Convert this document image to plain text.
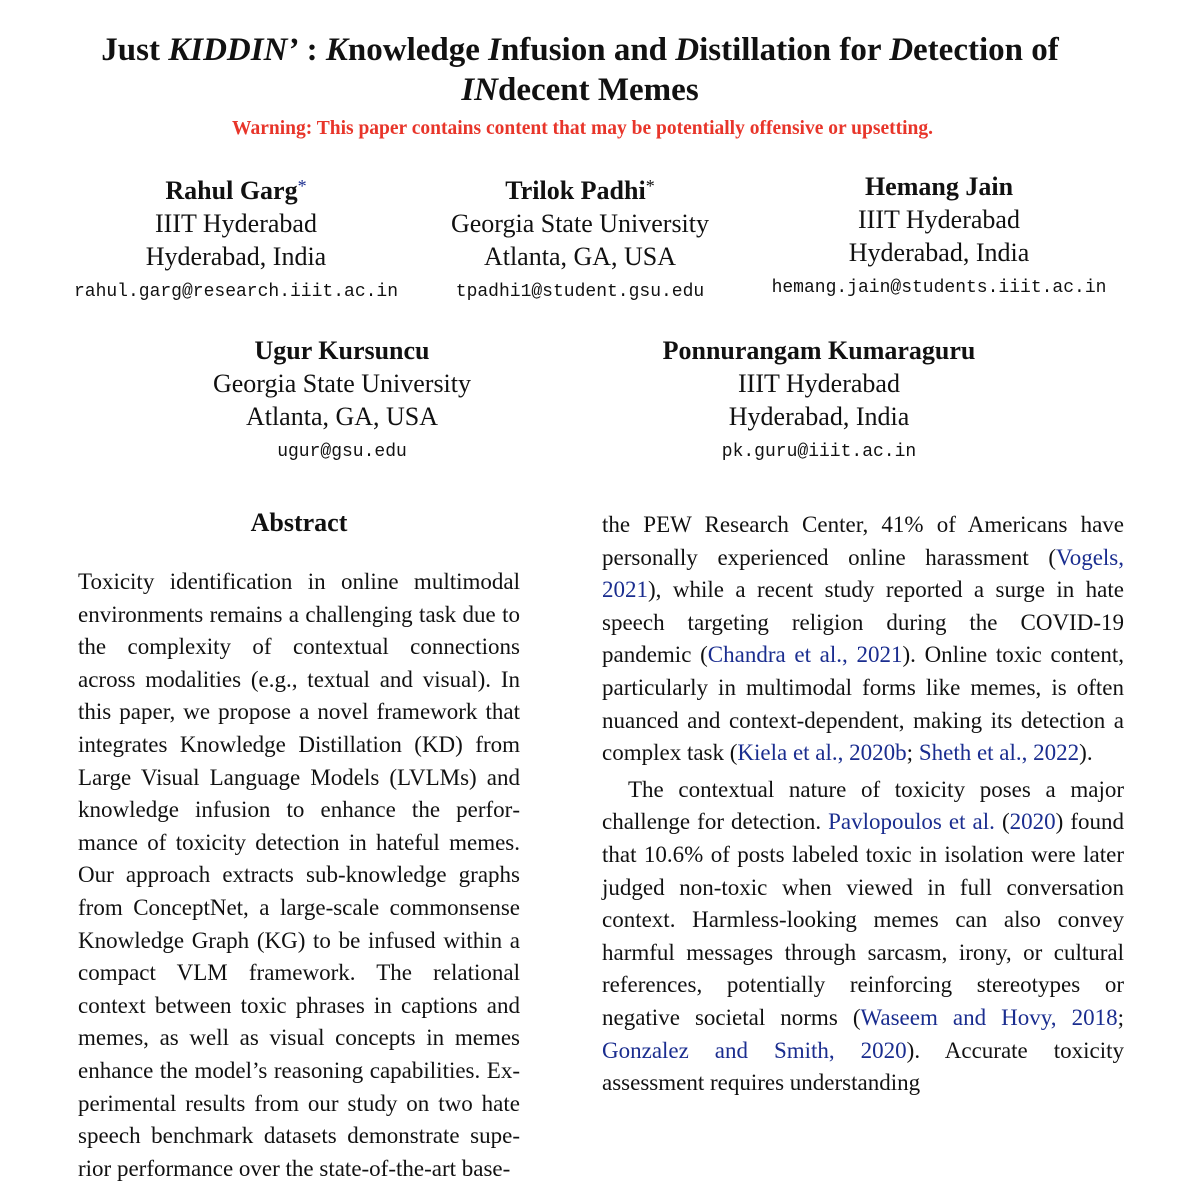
Just KIDDIN’ : Knowledge Infusion and Distillation for Detection of
INdecent Memes
Warning: This paper contains content that may be potentially offensive or upsetting.
Rahul Garg*
IIIT Hyderabad
Hyderabad, India
rahul.garg@research.iiit.ac.in
Trilok Padhi*
Georgia State University
Atlanta, GA, USA
tpadhi1@student.gsu.edu
Hemang Jain
IIIT Hyderabad
Hyderabad, India
hemang.jain@students.iiit.ac.in
Ugur Kursuncu
Georgia State University
Atlanta, GA, USA
ugur@gsu.edu
Ponnurangam Kumaraguru
IIIT Hyderabad
Hyderabad, India
pk.guru@iiit.ac.in
Abstract

Toxicity identification in online multimodal environments remains a challenging task due to the complexity of contextual connections across modalities (e.g., textual and visual). In this paper, we propose a novel framework that integrates Knowledge Distillation (KD) from Large Visual Language Models (LVLMs) and knowledge infusion to enhance the performance of toxicity detection in hateful memes. Our approach extracts sub-knowledge graphs from ConceptNet, a large-scale commonsense Knowledge Graph (KG) to be infused within a compact VLM framework. The relational context between toxic phrases in captions and memes, as well as visual concepts in memes enhance the model’s reasoning capabilities. Experimental results from our study on two hate speech benchmark datasets demonstrate superior performance over the state-of-the-art base-

the PEW Research Center, 41% of Americans have personally experienced online harassment (Vogels, 2021), while a recent study reported a surge in hate speech targeting religion during the COVID-19 pandemic (Chandra et al., 2021). Online toxic content, particularly in multimodal forms like memes, is often nuanced and context-dependent, making its detection a complex task (Kiela et al., 2020b; Sheth et al., 2022).

The contextual nature of toxicity poses a major challenge for detection. Pavlopoulos et al. (2020) found that 10.6% of posts labeled toxic in isolation were later judged non-toxic when viewed in full conversation context. Harmless-looking memes can also convey harmful messages through sarcasm, irony, or cultural references, potentially reinforcing stereotypes or negative societal norms (Waseem and Hovy, 2018; Gonzalez and Smith, 2020). Accurate toxicity assessment requires understanding
